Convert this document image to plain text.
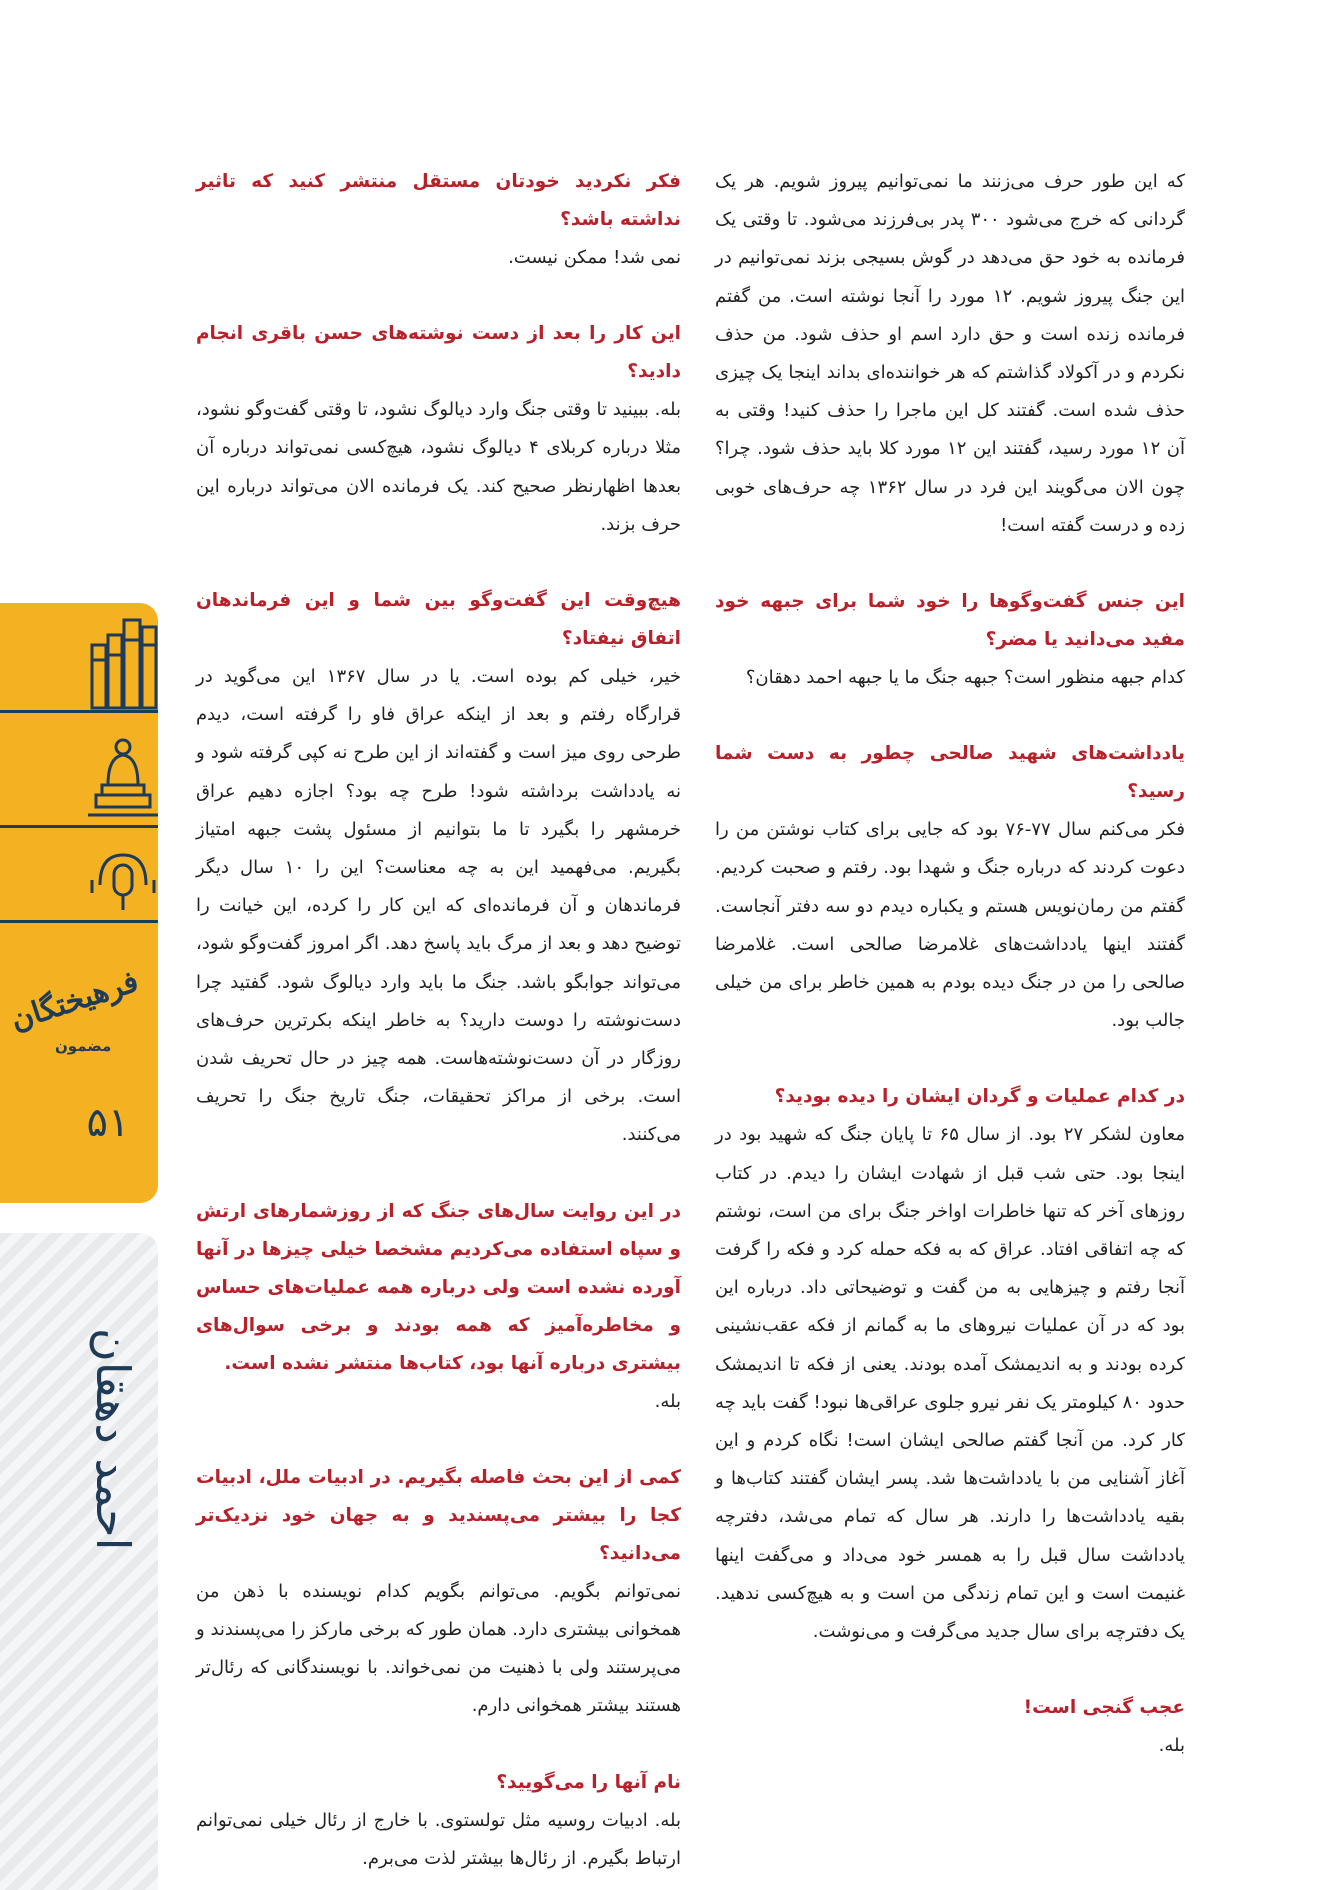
که این طور حرف می‌زنند ما نمی‌توانیم پیروز شویم. هر یک گردانی که خرج می‌شود ۳۰۰ پدر بی‌فرزند می‌شود. تا وقتی یک فرمانده به خود حق می‌دهد در گوش بسیجی بزند نمی‌توانیم در این جنگ پیروز شویم. ۱۲ مورد را آنجا نوشته است. من گفتم فرمانده زنده است و حق دارد اسم او حذف شود. من حذف نکردم و در آکولاد گذاشتم که هر خواننده‌ای بداند اینجا یک چیزی حذف شده است. گفتند کل این ماجرا را حذف کنید! وقتی به آن ۱۲ مورد رسید، گفتند این ۱۲ مورد کلا باید حذف شود. چرا؟ چون الان می‌گویند این فرد در سال ۱۳۶۲ چه حرف‌های خوبی زده و درست گفته است!

این جنس گفت‌وگوها را خود شما برای جبهه خود مفید می‌دانید یا مضر؟

کدام جبهه منظور است؟ جبهه جنگ ما یا جبهه احمد دهقان؟

یادداشت‌های شهید صالحی چطور به دست شما رسید؟

فکر می‌کنم سال ۷۷-۷۶ بود که جایی برای کتاب نوشتن من را دعوت کردند که درباره جنگ و شهدا بود. رفتم و صحبت کردیم. گفتم من رمان‌نویس هستم و یکباره دیدم دو سه دفتر آنجاست. گفتند اینها یادداشت‌های غلامرضا صالحی است. غلامرضا صالحی را من در جنگ دیده بودم به همین خاطر برای من خیلی جالب بود.

در کدام عملیات و گردان ایشان را دیده بودید؟

معاون لشکر ۲۷ بود. از سال ۶۵ تا پایان جنگ که شهید بود در اینجا بود. حتی شب قبل از شهادت ایشان را دیدم. در کتاب روزهای آخر که تنها خاطرات اواخر جنگ برای من است، نوشتم که چه اتفاقی افتاد. عراق که به فکه حمله کرد و فکه را گرفت آنجا رفتم و چیزهایی به من گفت و توضیحاتی داد. درباره این بود که در آن عملیات نیروهای ما به گمانم از فکه عقب‌نشینی کرده بودند و به اندیمشک آمده بودند. یعنی از فکه تا اندیمشک حدود ۸۰ کیلومتر یک نفر نیرو جلوی عراقی‌ها نبود! گفت باید چه کار کرد. من آنجا گفتم صالحی ایشان است! نگاه کردم و این آغاز آشنایی من با یادداشت‌ها شد. پسر ایشان گفتند کتاب‌ها و بقیه یادداشت‌ها را دارند. هر سال که تمام می‌شد، دفترچه یادداشت سال قبل را به همسر خود می‌داد و می‌گفت اینها غنیمت است و این تمام زندگی من است و به هیچ‌کسی ندهید. یک دفترچه برای سال جدید می‌گرفت و می‌نوشت.

عجب گنجی است!

بله.

فکر نکردید خودتان مستقل منتشر کنید که تاثیر نداشته باشد؟

نمی شد! ممکن نیست.

این کار را بعد از دست نوشته‌های حسن باقری انجام دادید؟

بله. ببینید تا وقتی جنگ وارد دیالوگ نشود، تا وقتی گفت‌وگو نشود، مثلا درباره کربلای ۴ دیالوگ نشود، هیچ‌کسی نمی‌تواند درباره آن بعدها اظهارنظر صحیح کند. یک فرمانده الان می‌تواند درباره این حرف بزند.

هیچ‌وقت این گفت‌وگو بین شما و این فرماندهان اتفاق نیفتاد؟

خیر، خیلی کم بوده است. یا در سال ۱۳۶۷ این می‌گوید در قرارگاه رفتم و بعد از اینکه عراق فاو را گرفته است، دیدم طرحی روی میز است و گفته‌اند از این طرح نه کپی گرفته شود و نه یادداشت برداشته شود! طرح چه بود؟ اجازه دهیم عراق خرمشهر را بگیرد تا ما بتوانیم از مسئول پشت جبهه امتیاز بگیریم. می‌فهمید این به چه معناست؟ این را ۱۰ سال دیگر فرماندهان و آن فرمانده‌ای که این کار را کرده، این خیانت را توضیح دهد و بعد از مرگ باید پاسخ دهد. اگر امروز گفت‌وگو شود، می‌تواند جوابگو باشد. جنگ ما باید وارد دیالوگ شود. گفتید چرا دست‌نوشته را دوست دارید؟ به خاطر اینکه بکرترین حرف‌های روزگار در آن دست‌نوشته‌هاست. همه چیز در حال تحریف شدن است. برخی از مراکز تحقیقات، جنگ تاریخ جنگ را تحریف می‌کنند.

در این روایت سال‌های جنگ که از روزشمارهای ارتش و سپاه استفاده می‌کردیم مشخصا خیلی چیزها در آنها آورده نشده است ولی درباره همه عملیات‌های حساس و مخاطره‌آمیز که همه بودند و برخی سوال‌های بیشتری درباره آنها بود، کتاب‌ها منتشر نشده است.

بله.

کمی از این بحث فاصله بگیریم. در ادبیات ملل، ادبیات کجا را بیشتر می‌پسندید و به جهان خود نزدیک‌تر می‌دانید؟

نمی‌توانم بگویم. می‌توانم بگویم کدام نویسنده با ذهن من همخوانی بیشتری دارد. همان طور که برخی مارکز را می‌پسندند و می‌پرستند ولی با ذهنیت من نمی‌خواند. با نویسندگانی که رئال‌تر هستند بیشتر همخوانی دارم.

نام آنها را می‌گویید؟

بله. ادبیات روسیه مثل تولستوی. با خارج از رئال خیلی نمی‌توانم ارتباط بگیرم. از رئال‌ها بیشتر لذت می‌برم.

فرهیختگان
مضمون
۵۱
احمد دهقان
